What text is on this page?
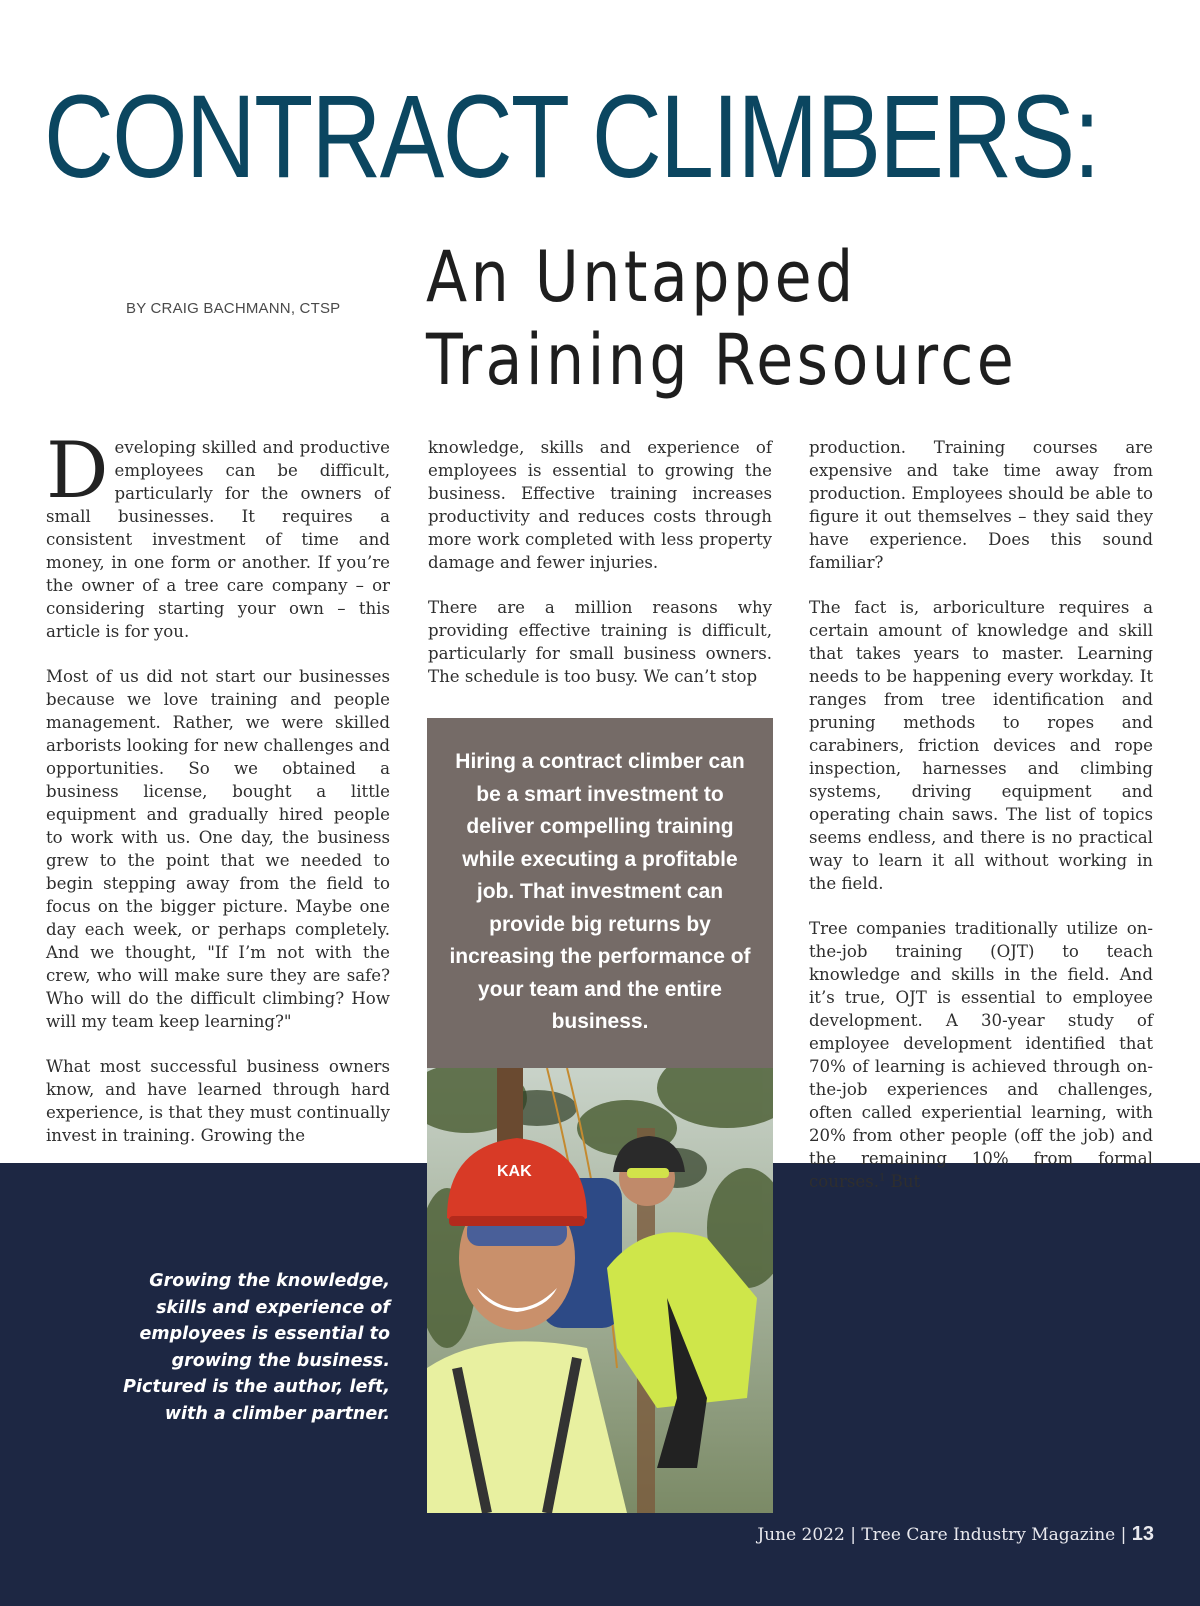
CONTRACT CLIMBERS:
An Untapped
Training Resource
BY CRAIG BACHMANN, CTSP

Developing skilled and productive employees can be difficult, particularly for the owners of small businesses. It requires a consistent investment of time and money, in one form or another. If you’re the owner of a tree care company – or considering starting your own – this article is for you.

Most of us did not start our businesses because we love training and people management. Rather, we were skilled arborists looking for new challenges and opportunities. So we obtained a business license, bought a little equipment and gradually hired people to work with us. One day, the business grew to the point that we needed to begin stepping away from the field to focus on the bigger picture. Maybe one day each week, or perhaps completely. And we thought, "If I’m not with the crew, who will make sure they are safe? Who will do the difficult climbing? How will my team keep learning?"

What most successful business owners know, and have learned through hard experience, is that they must continually invest in training. Growing the

knowledge, skills and experience of employees is essential to growing the business. Effective training increases productivity and reduces costs through more work completed with less property damage and fewer injuries.

There are a million reasons why providing effective training is difficult, particularly for small business owners. The schedule is too busy. We can’t stop

production. Training courses are expensive and take time away from production. Employees should be able to figure it out themselves – they said they have experience. Does this sound familiar?

The fact is, arboriculture requires a certain amount of knowledge and skill that takes years to master. Learning needs to be happening every workday. It ranges from tree identification and pruning methods to ropes and carabiners, friction devices and rope inspection, harnesses and climbing systems, driving equipment and operating chain saws. The list of topics seems endless, and there is no practical way to learn it all without working in the field.

Tree companies traditionally utilize on-the-job training (OJT) to teach knowledge and skills in the field. And it’s true, OJT is essential to employee development. A 30-year study of employee development identified that 70% of learning is achieved through on-the-job experiences and challenges, often called experiential learning, with 20% from other people (off the job) and the remaining 10% from formal courses.$^1$ But

Hiring a contract climber can be a smart investment to deliver compelling training while executing a profitable job. That investment can provide big returns by increasing the performance of your team and the entire business.
KAK
Growing the knowledge, skills and experience of employees is essential to growing the business. Pictured is the author, left, with a climber partner.
June 2022 | Tree Care Industry Magazine | 13
